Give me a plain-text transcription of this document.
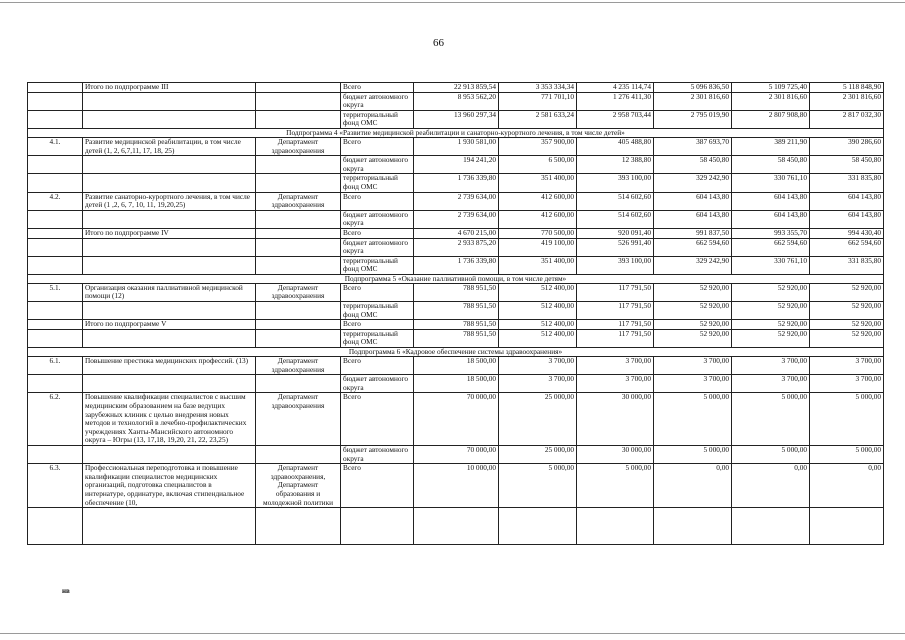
66
	Итого по подпрограмме III		Всего	22 913 859,54	3 353 334,34	4 235 114,74	5 096 836,50	5 109 725,40	5 118 848,90
			бюджет автономного округа	8 953 562,20	771 701,10	1 276 411,30	2 301 816,60	2 301 816,60	2 301 816,60
			территориальный фонд ОМС	13 960 297,34	2 581 633,24	2 958 703,44	2 795 019,90	2 807 908,80	2 817 032,30
Подпрограмма 4 «Развитие медицинской реабилитации и санаторно-курортного лечения, в том числе детей»									
4.1.	Развитие медицинской реабилитации, в том числе детей (1, 2, 6,7,11, 17, 18, 25)	Департамент здравоохранения	Всего	1 930 581,00	357 900,00	405 488,80	387 693,70	389 211,90	390 286,60
			бюджет автономного округа	194 241,20	6 500,00	12 388,80	58 450,80	58 450,80	58 450,80
			территориальный фонд ОМС	1 736 339,80	351 400,00	393 100,00	329 242,90	330 761,10	331 835,80
4.2.	Развитие санаторно-курортного лечения, в том числе детей (1 ,2, 6, 7, 10, 11, 19,20,25)	Департамент здравоохранения	Всего	2 739 634,00	412 600,00	514 602,60	604 143,80	604 143,80	604 143,80
			бюджет автономного округа	2 739 634,00	412 600,00	514 602,60	604 143,80	604 143,80	604 143,80
	Итого по подпрограмме IV		Всего	4 670 215,00	770 500,00	920 091,40	991 837,50	993 355,70	994 430,40
			бюджет автономного округа	2 933 875,20	419 100,00	526 991,40	662 594,60	662 594,60	662 594,60
			территориальный фонд ОМС	1 736 339,80	351 400,00	393 100,00	329 242,90	330 761,10	331 835,80
Подпрограмма 5 «Оказание паллиативной помощи, в том числе детям»									
5.1.	Организация оказания паллиативной медицинской помощи (12)	Департамент здравоохранения	Всего	788 951,50	512 400,00	117 791,50	52 920,00	52 920,00	52 920,00
			территориальный фонд ОМС	788 951,50	512 400,00	117 791,50	52 920,00	52 920,00	52 920,00
	Итого по подпрограмме V		Всего	788 951,50	512 400,00	117 791,50	52 920,00	52 920,00	52 920,00
			территориальный фонд ОМС	788 951,50	512 400,00	117 791,50	52 920,00	52 920,00	52 920,00
Подпрограмма 6 «Кадровое обеспечение системы здравоохранения»									
6.1.	Повышение престижа медицинских профессий. (13)	Департамент здравоохранения	Всего	18 500,00	3 700,00	3 700,00	3 700,00	3 700,00	3 700,00
			бюджет автономного округа	18 500,00	3 700,00	3 700,00	3 700,00	3 700,00	3 700,00
6.2.	Повышение квалификации специалистов с высшим медицинским образованием на базе ведущих зарубежных клиник с целью внедрения новых методов и технологий в лечебно-профилактических учреждениях Ханты-Мансийского автономного округа – Югры (13, 17,18, 19,20, 21, 22, 23,25)	Департамент здравоохранения	Всего	70 000,00	25 000,00	30 000,00	5 000,00	5 000,00	5 000,00
			бюджет автономного округа	70 000,00	25 000,00	30 000,00	5 000,00	5 000,00	5 000,00
6.3.	Профессиональная переподготовка и повышение квалификации специалистов медицинских организаций, подготовка специалистов в интернатуре, ординатуре, включая стипендиальное обеспечение (10,	Департамент здравоохранения, Департамент образования и молодежной политики	Всего	10 000,00	5 000,00	5 000,00	0,00	0,00	0,00

нв
